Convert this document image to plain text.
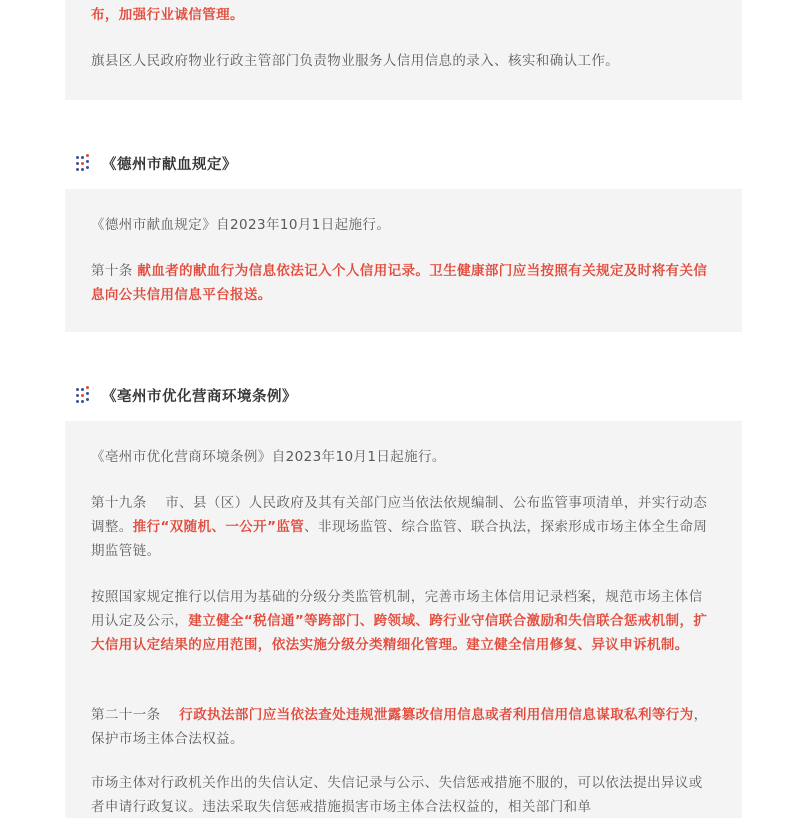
布，加强行业诚信管理。
旗县区人民政府物业行政主管部门负责物业服务人信用信息的录入、核实和确认工作。
《德州市献血规定》
《德州市献血规定》自2023年10月1日起施行。
第十条 献血者的献血行为信息依法记入个人信用记录。卫生健康部门应当按照有关规定及时将有关信息向公共信用信息平台报送。
《亳州市优化营商环境条例》
《亳州市优化营商环境条例》自2023年10月1日起施行。
第十九条　 市、县（区）人民政府及其有关部门应当依法依规编制、公布监管事项清单，并实行动态调整。推行“双随机、一公开”监管、非现场监管、综合监管、联合执法，探索形成市场主体全生命周期监管链。
按照国家规定推行以信用为基础的分级分类监管机制，完善市场主体信用记录档案，规范市场主体信用认定及公示，建立健全“税信通”等跨部门、跨领域、跨行业守信联合激励和失信联合惩戒机制，扩大信用认定结果的应用范围，依法实施分级分类精细化管理。建立健全信用修复、异议申诉机制。
第二十一条 行政执法部门应当依法查处违规泄露篡改信用信息或者利用信用信息谋取私利等行为，保护市场主体合法权益。
市场主体对行政机关作出的失信认定、失信记录与公示、失信惩戒措施不服的，可以依法提出异议或者申请行政复议。违法采取失信惩戒措施损害市场主体合法权益的，相关部门和单
